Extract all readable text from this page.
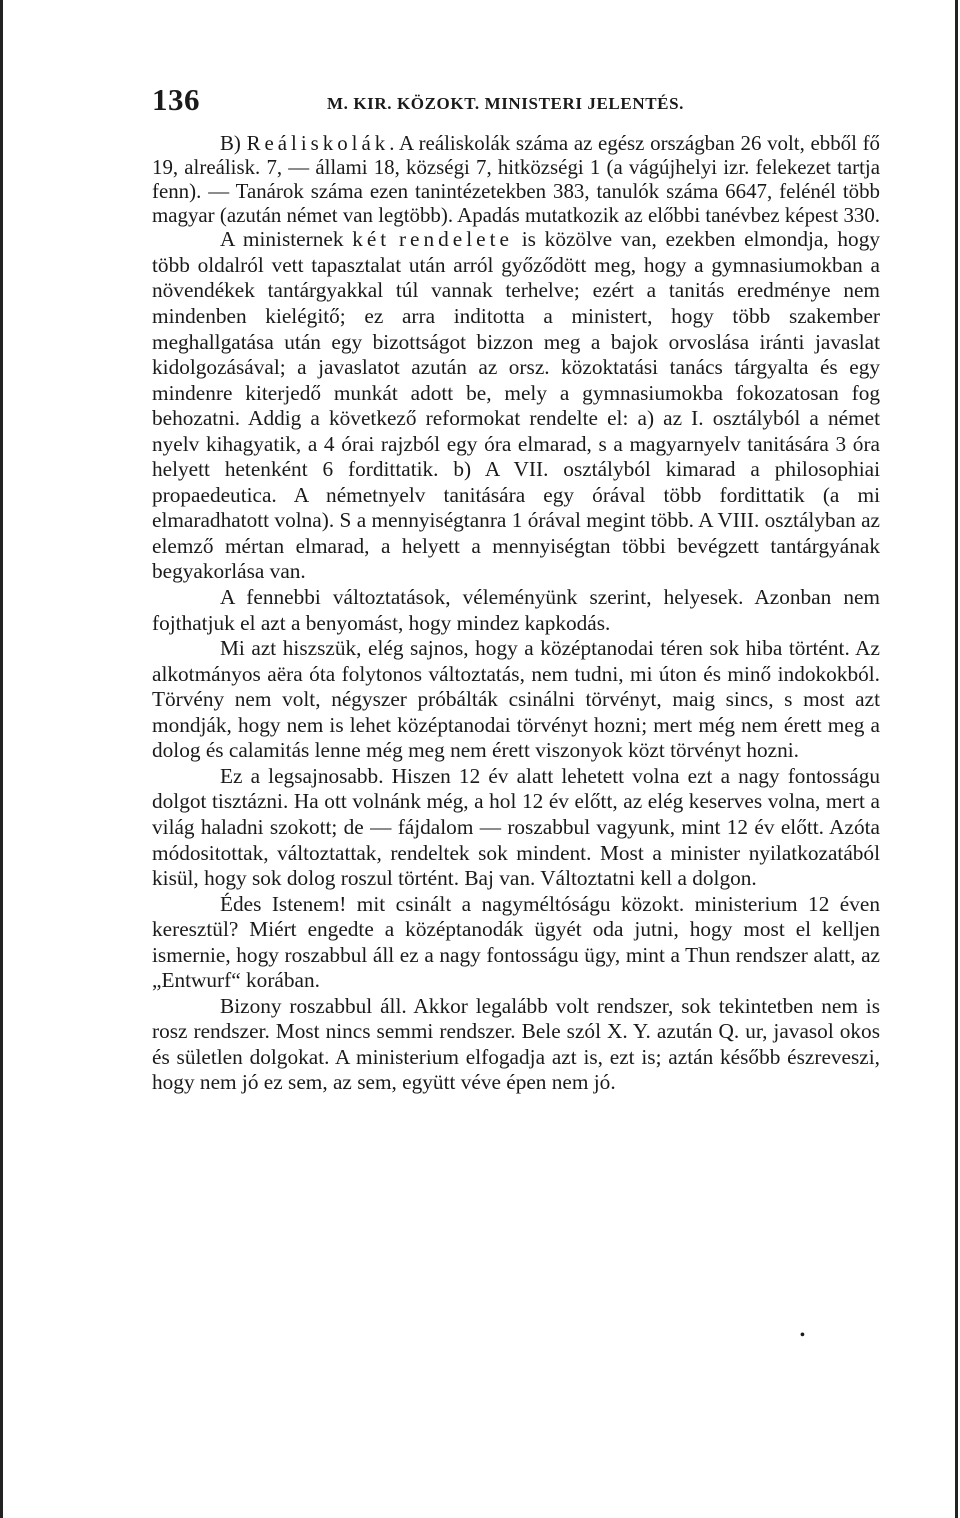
136	M. KIR. KÖZOKT. MINISTERI JELENTÉS.

B) Reáliskolák. A reáliskolák száma az egész országban 26 volt, ebből fő 19, alreálisk. 7, — állami 18, községi 7, hitközségi 1 (a vágújhelyi izr. felekezet tartja fenn). — Tanárok száma ezen tanintézetekben 383, tanulók száma 6647, felénél több magyar (azután német van legtöbb). Apadás mutatkozik az előbbi tanévbez képest 330.

A ministernek két rendelete is közölve van, ezekben elmondja, hogy több oldalról vett tapasztalat után arról győződött meg, hogy a gymnasiumokban a növendékek tantárgyakkal túl vannak terhelve; ezért a tanitás eredménye nem mindenben kielégitő; ez arra inditotta a ministert, hogy több szakember meghallgatása után egy bizottságot bizzon meg a bajok orvoslása iránti javaslat kidolgozásával; a javaslatot azután az orsz. közoktatási tanács tárgyalta és egy mindenre kiterjedő munkát adott be, mely a gymnasiumokba fokozatosan fog behozatni. Addig a következő reformokat rendelte el: a) az I. osztályból a német nyelv kihagyatik, a 4 órai rajzból egy óra elmarad, s a magyarnyelv tanitására 3 óra helyett hetenként 6 fordittatik. b) A VII. osztályból kimarad a philosophiai propaedeutica. A németnyelv tanitására egy órával több fordittatik (a mi elmaradhatott volna). S a mennyiségtanra 1 órával megint több. A VIII. osztályban az elemző mértan elmarad, a helyett a mennyiségtan többi bevégzett tantárgyának begyakorlása van.

A fennebbi változtatások, véleményünk szerint, helyesek. Azonban nem fojthatjuk el azt a benyomást, hogy mindez kapkodás.

Mi azt hiszszük, elég sajnos, hogy a középtanodai téren sok hiba történt. Az alkotmányos aëra óta folytonos változtatás, nem tudni, mi úton és minő indokokból. Törvény nem volt, négyszer próbálták csinálni törvényt, maig sincs, s most azt mondják, hogy nem is lehet középtanodai törvényt hozni; mert még nem érett meg a dolog és calamitás lenne még meg nem érett viszonyok közt törvényt hozni.

Ez a legsajnosabb. Hiszen 12 év alatt lehetett volna ezt a nagy fontosságu dolgot tisztázni. Ha ott volnánk még, a hol 12 év előtt, az elég keserves volna, mert a világ haladni szokott; de — fájdalom — roszabbul vagyunk, mint 12 év előtt. Azóta módositottak, változtattak, rendeltek sok mindent. Most a minister nyilatkozatából kisül, hogy sok dolog roszul történt. Baj van. Változtatni kell a dolgon.

Édes Istenem! mit csinált a nagyméltóságu közokt. ministerium 12 éven keresztül? Miért engedte a középtanodák ügyét oda jutni, hogy most el kelljen ismernie, hogy roszabbul áll ez a nagy fontosságu ügy, mint a Thun rendszer alatt, az „Entwurf“ korában.

Bizony roszabbul áll. Akkor legalább volt rendszer, sok tekintetben nem is rosz rendszer. Most nincs semmi rendszer. Bele szól X. Y. azután Q. ur, javasol okos és sületlen dolgokat. A ministerium elfogadja azt is, ezt is; aztán később észreveszi, hogy nem jó ez sem, az sem, együtt véve épen nem jó.

•
